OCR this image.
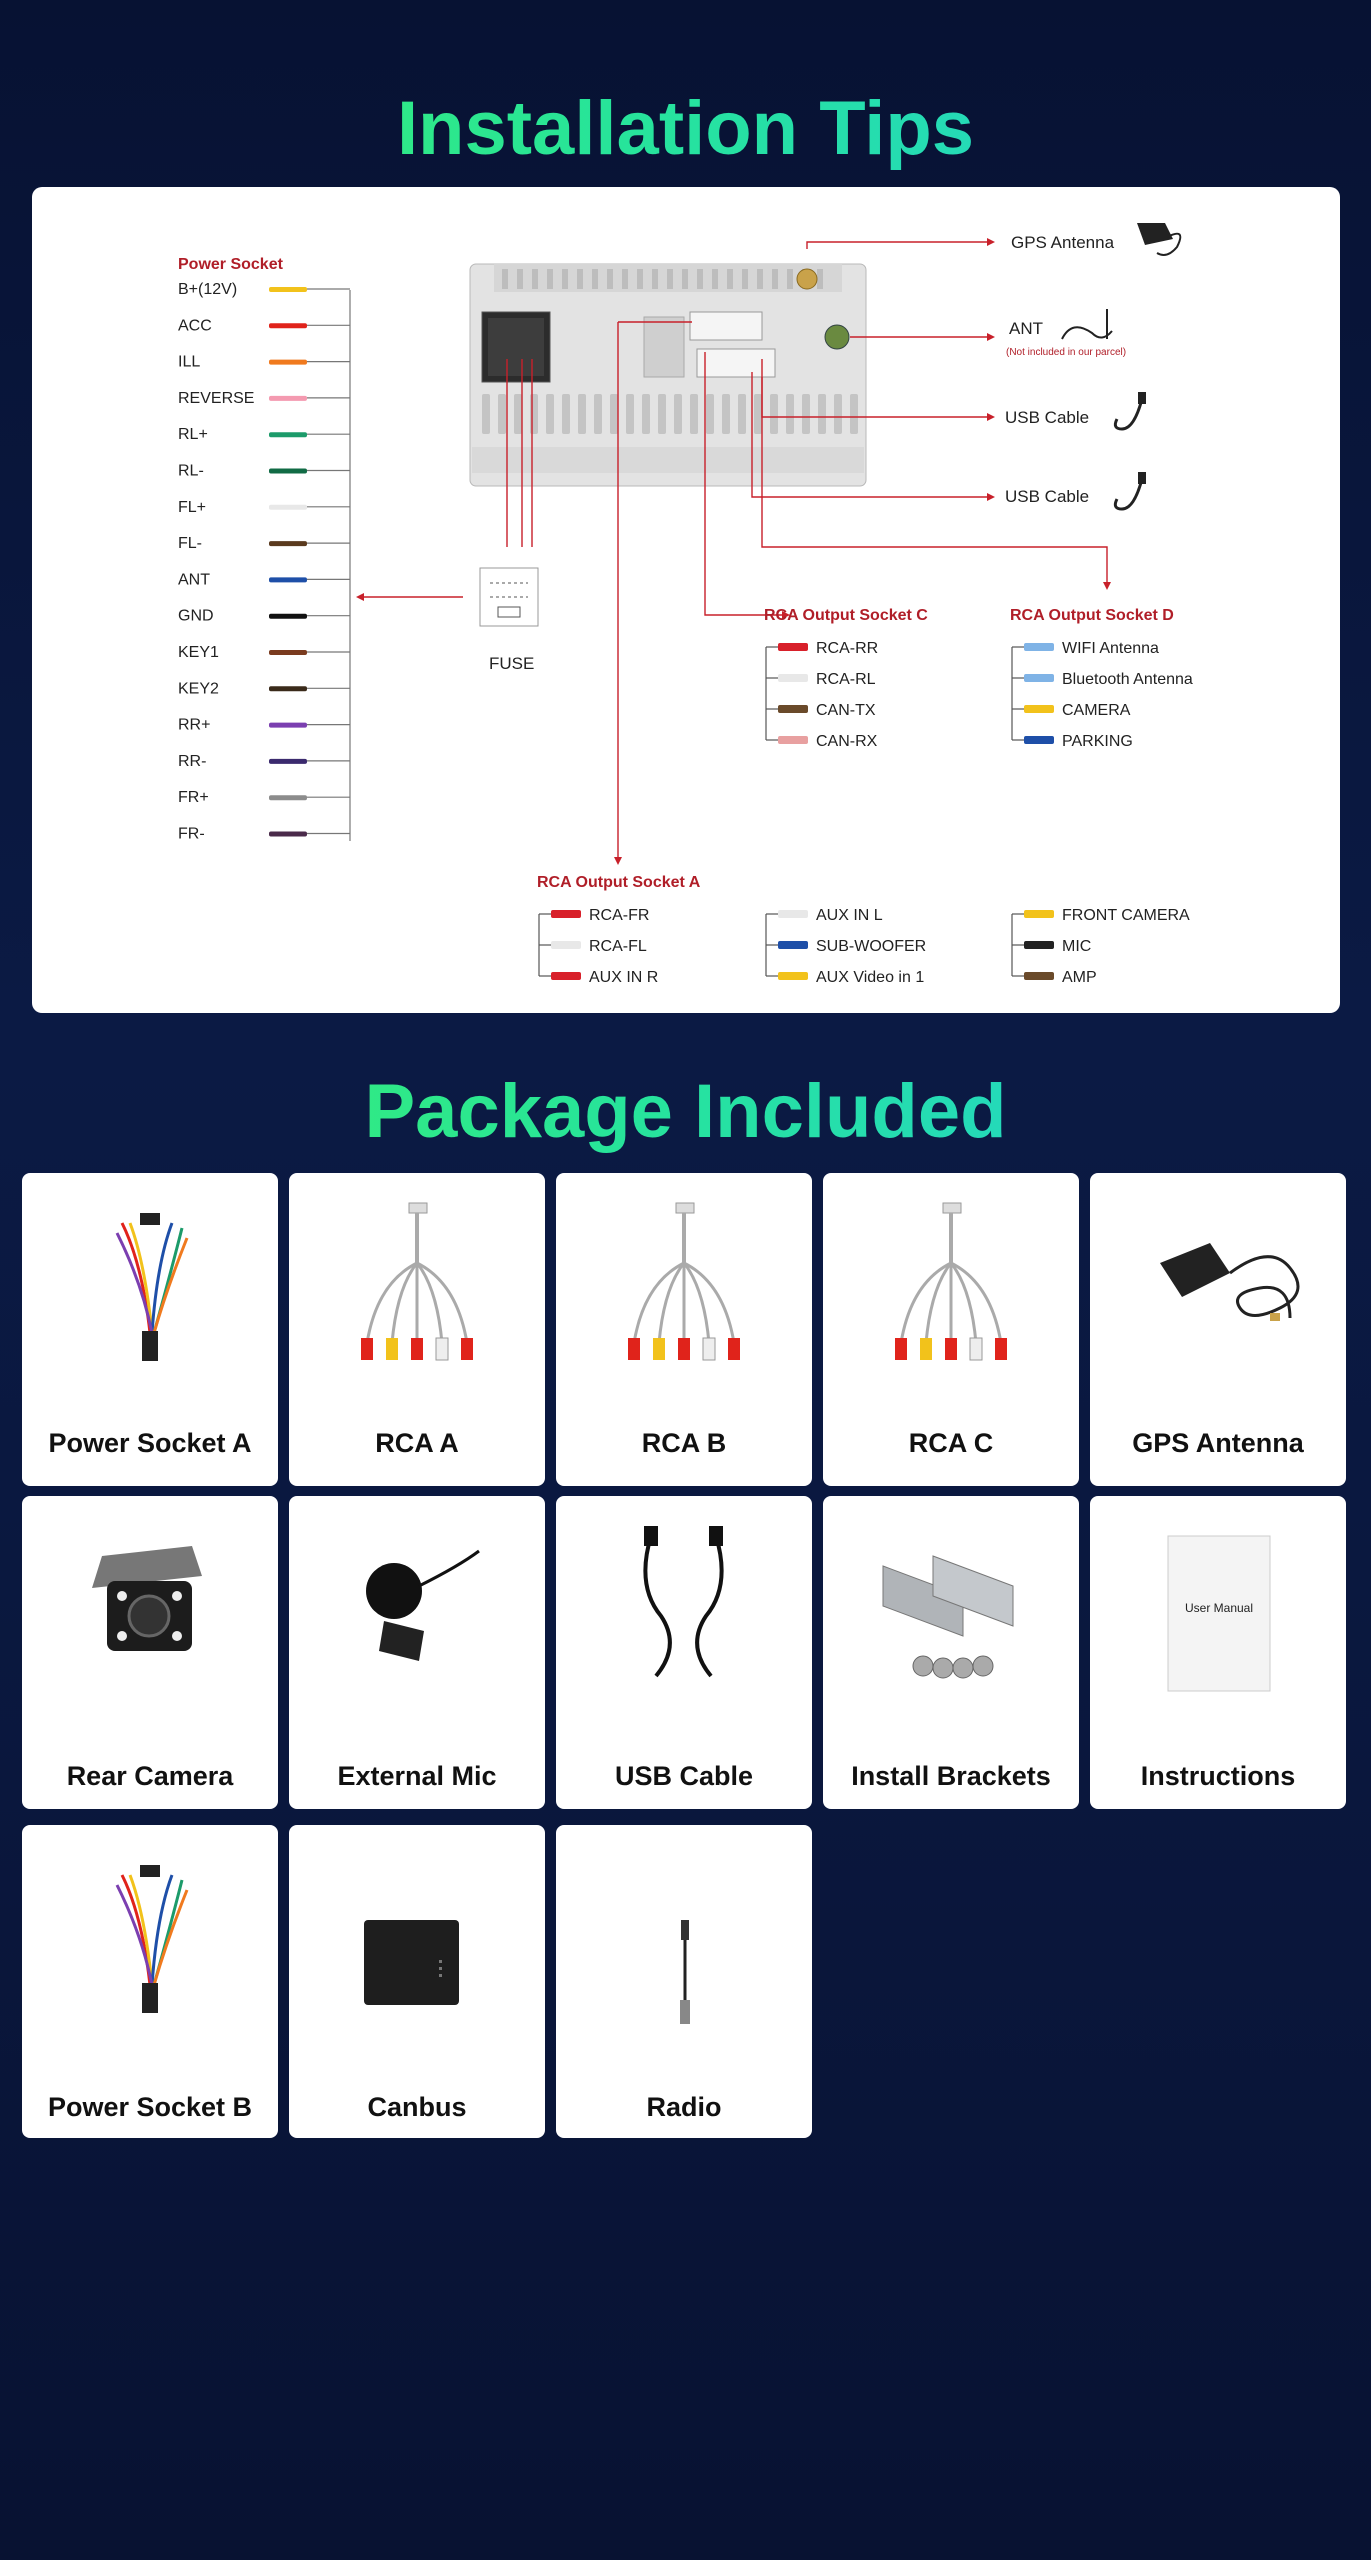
Installation Tips
Power Socket
B+(12V)
ACC
ILL
REVERSE
RL+
RL-
FL+
FL-
ANT
GND
KEY1
KEY2
RR+
RR-
FR+
FR-
FUSE
GPS Antenna
ANT
(Not included in our parcel)
USB Cable
USB Cable
RCA Output Socket C
RCA-RR
RCA-RL
CAN-TX
CAN-RX
RCA Output Socket D
WIFI Antenna
Bluetooth Antenna
CAMERA
PARKING
RCA Output Socket A
RCA-FR
RCA-FL
AUX IN R
AUX IN L
SUB-WOOFER
AUX Video in 1
FRONT CAMERA
MIC
AMP
Package Included
Power Socket A	RCA A	RCA B	RCA C	GPS Antenna
Rear Camera	External Mic	USB Cable	Install Brackets
User Manual
Instructions
Power Socket B	Canbus	Radio
